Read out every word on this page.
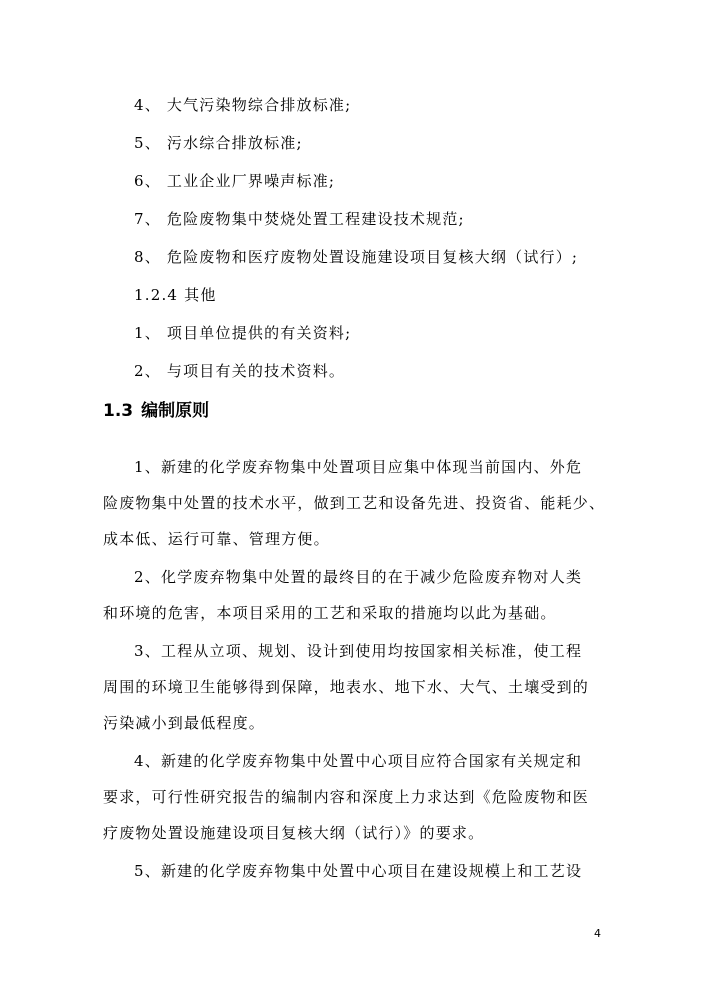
4、 大气污染物综合排放标准;
5、 污水综合排放标准;
6、 工业企业厂界噪声标准;
7、 危险废物集中焚烧处置工程建设技术规范;
8、 危险废物和医疗废物处置设施建设项目复核大纲（试行）;
1.2.4 其他
1、 项目单位提供的有关资料;
2、 与项目有关的技术资料。
1.3 编制原则
1、新建的化学废弃物集中处置项目应集中体现当前国内、外危
险废物集中处置的技术水平，做到工艺和设备先进、投资省、能耗少、
成本低、运行可靠、管理方便。
2、化学废弃物集中处置的最终目的在于减少危险废弃物对人类
和环境的危害，本项目采用的工艺和采取的措施均以此为基础。
3、工程从立项、规划、设计到使用均按国家相关标准，使工程
周围的环境卫生能够得到保障，地表水、地下水、大气、土壤受到的
污染减小到最低程度。
4、新建的化学废弃物集中处置中心项目应符合国家有关规定和
要求，可行性研究报告的编制内容和深度上力求达到《危险废物和医
疗废物处置设施建设项目复核大纲（试行）》的要求。
5、新建的化学废弃物集中处置中心项目在建设规模上和工艺设
4
